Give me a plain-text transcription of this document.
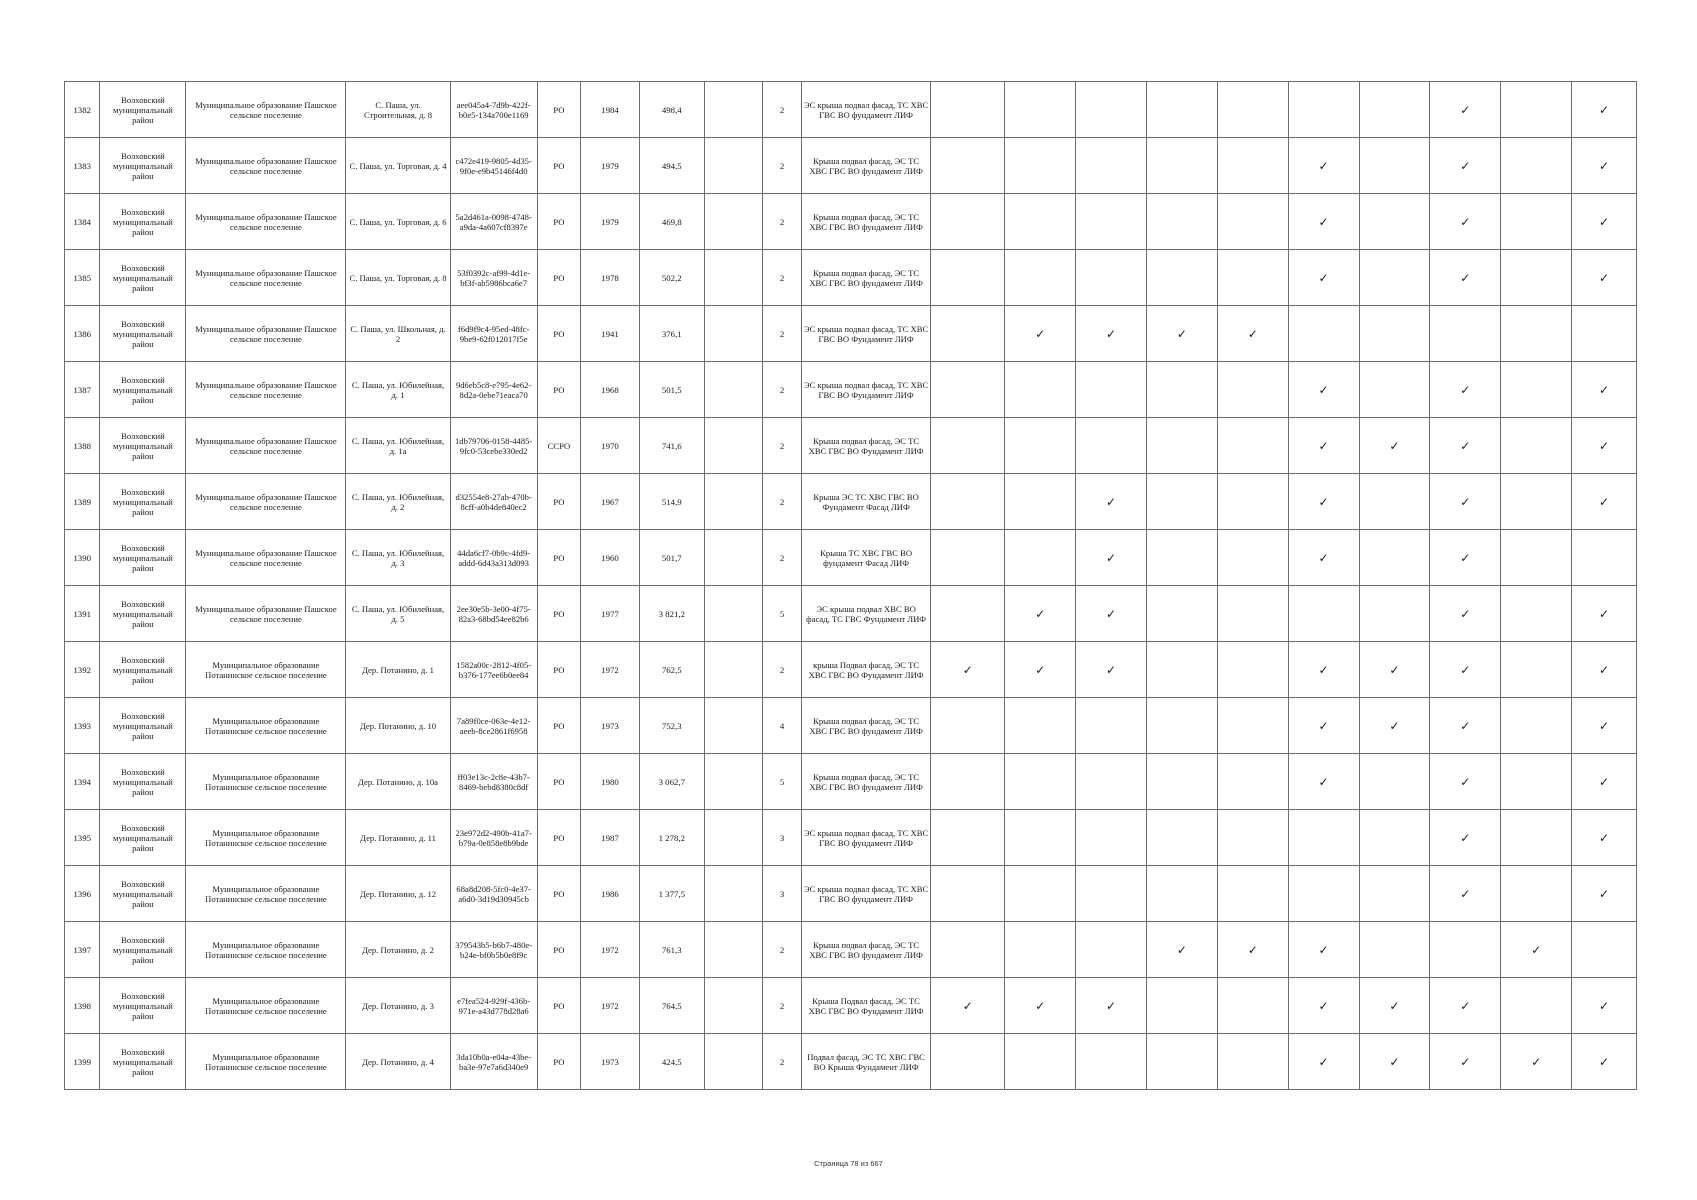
1382	Волховский муниципальный район	Муниципальное образование Пашское сельское поселение	С. Паша, ул. Строительная, д. 8	aee045a4-7d9b-422f-b0e5-134a700e1169	РО	1984	498,4		2	ЭС крыша подвал фасад, ТС ХВС ГВС ВО фундамент ЛИФ								✓		✓
1383	Волховский муниципальный район	Муниципальное образование Пашское сельское поселение	С. Паша, ул. Торговая, д. 4	c472e419-9805-4d35-9f0e-e9b45146f4d0	РО	1979	494,5		2	Крыша подвал фасад, ЭС ТС ХВС ГВС ВО фундамент ЛИФ						✓		✓		✓
1384	Волховский муниципальный район	Муниципальное образование Пашское сельское поселение	С. Паша, ул. Торговая, д. 6	5a2d461a-0098-4748-a9da-4a607cf8397e	РО	1979	469,8		2	Крыша подвал фасад, ЭС ТС ХВС ГВС ВО фундамент ЛИФ						✓		✓		✓
1385	Волховский муниципальный район	Муниципальное образование Пашское сельское поселение	С. Паша, ул. Торговая, д. 8	53f0392c-af99-4d1e-bf3f-ab5986bca6e7	РО	1978	502,2		2	Крыша подвал фасад, ЭС ТС ХВС ГВС ВО фундамент ЛИФ						✓		✓		✓
1386	Волховский муниципальный район	Муниципальное образование Пашское сельское поселение	С. Паша, ул. Школьная, д. 2	f6d9f9c4-95ed-48fc-9be9-62f012017f5e	РО	1941	376,1		2	ЭС крыша подвал фасад, ТС ХВС ГВС ВО Фундамент ЛИФ		✓	✓	✓	✓					
1387	Волховский муниципальный район	Муниципальное образование Пашское сельское поселение	С. Паша, ул. Юбилейная, д. 1	9d6eb5c8-e795-4e62-8d2a-0ebe71eaca70	РО	1968	501,5		2	ЭС крыша подвал фасад, ТС ХВС ГВС ВО Фундамент ЛИФ						✓		✓		✓
1388	Волховский муниципальный район	Муниципальное образование Пашское сельское поселение	С. Паша, ул. Юбилейная, д. 1а	1db79706-0158-4485-9fc0-53cebe330ed2	ССРО	1970	741,6		2	Крыша подвал фасад, ЭС ТС ХВС ГВС ВО Фундамент ЛИФ						✓	✓	✓		✓
1389	Волховский муниципальный район	Муниципальное образование Пашское сельское поселение	С. Паша, ул. Юбилейная, д. 2	d32554e8-27ab-470b-8cff-a0b4de840ec2	РО	1967	514,9		2	Крыша ЭС ТС ХВС ГВС ВО Фундамент Фасад ЛИФ			✓			✓		✓		✓
1390	Волховский муниципальный район	Муниципальное образование Пашское сельское поселение	С. Паша, ул. Юбилейная, д. 3	44da6cf7-0b9c-4fd9-addd-6d43a313d093	РО	1960	501,7		2	Крыша ТС ХВС ГВС ВО фундамент Фасад ЛИФ			✓			✓		✓		
1391	Волховский муниципальный район	Муниципальное образование Пашское сельское поселение	С. Паша, ул. Юбилейная, д. 5	2ee30e5b-3e00-4f75-82a3-68bd54ee82b6	РО	1977	3 821,2		5	ЭС крыша подвал ХВС ВО фасад, ТС ГВС Фундамент ЛИФ		✓	✓					✓		✓
1392	Волховский муниципальный район	Муниципальное образование Потанинское сельское поселение	Дер. Потанино, д. 1	1582a00c-2812-4f05-b376-177ee6b0ee84	РО	1972	762,5		2	крыша Подвал фасад, ЭС ТС ХВС ГВС ВО Фундамент ЛИФ	✓	✓	✓			✓	✓	✓		✓
1393	Волховский муниципальный район	Муниципальное образование Потанинское сельское поселение	Дер. Потанино, д. 10	7a89f0ce-063e-4e12-aeeb-8ce2861f6958	РО	1973	752,3		4	Крыша подвал фасад, ЭС ТС ХВС ГВС ВО фундамент ЛИФ						✓	✓	✓		✓
1394	Волховский муниципальный район	Муниципальное образование Потанинское сельское поселение	Дер. Потанино, д. 10а	ff03e13c-2c8e-43b7-8469-bebd8380c8df	РО	1980	3 062,7		5	Крыша подвал фасад, ЭС ТС ХВС ГВС ВО фундамент ЛИФ						✓		✓		✓
1395	Волховский муниципальный район	Муниципальное образование Потанинское сельское поселение	Дер. Потанино, д. 11	23e972d2-490b-41a7-b79a-0e858e8b9bde	РО	1987	1 278,2		3	ЭС крыша подвал фасад, ТС ХВС ГВС ВО фундамент ЛИФ								✓		✓
1396	Волховский муниципальный район	Муниципальное образование Потанинское сельское поселение	Дер. Потанино, д. 12	68a8d208-5fc0-4e37-a6d0-3d19d30945cb	РО	1986	1 377,5		3	ЭС крыша подвал фасад, ТС ХВС ГВС ВО фундамент ЛИФ								✓		✓
1397	Волховский муниципальный район	Муниципальное образование Потанинское сельское поселение	Дер. Потанино, д. 2	379543b5-b6b7-480e-b24e-bf0b5b0e8f9c	РО	1972	761,3		2	Крыша подвал фасад, ЭС ТС ХВС ГВС ВО фундамент ЛИФ				✓	✓	✓			✓	
1398	Волховский муниципальный район	Муниципальное образование Потанинское сельское поселение	Дер. Потанино, д. 3	e7fea524-929f-436b-971e-a43d778d28a6	РО	1972	764,5		2	Крыша Подвал фасад, ЭС ТС ХВС ГВС ВО Фундамент ЛИФ	✓	✓	✓			✓	✓	✓		✓
1399	Волховский муниципальный район	Муниципальное образование Потанинское сельское поселение	Дер. Потанино, д. 4	3da10b0a-e04a-43be-ba3e-97e7a6d340e9	РО	1973	424,5		2	Подвал фасад, ЭС ТС ХВС ГВС ВО Крыша Фундамент ЛИФ						✓	✓	✓	✓	✓
Страница 78 из 667
